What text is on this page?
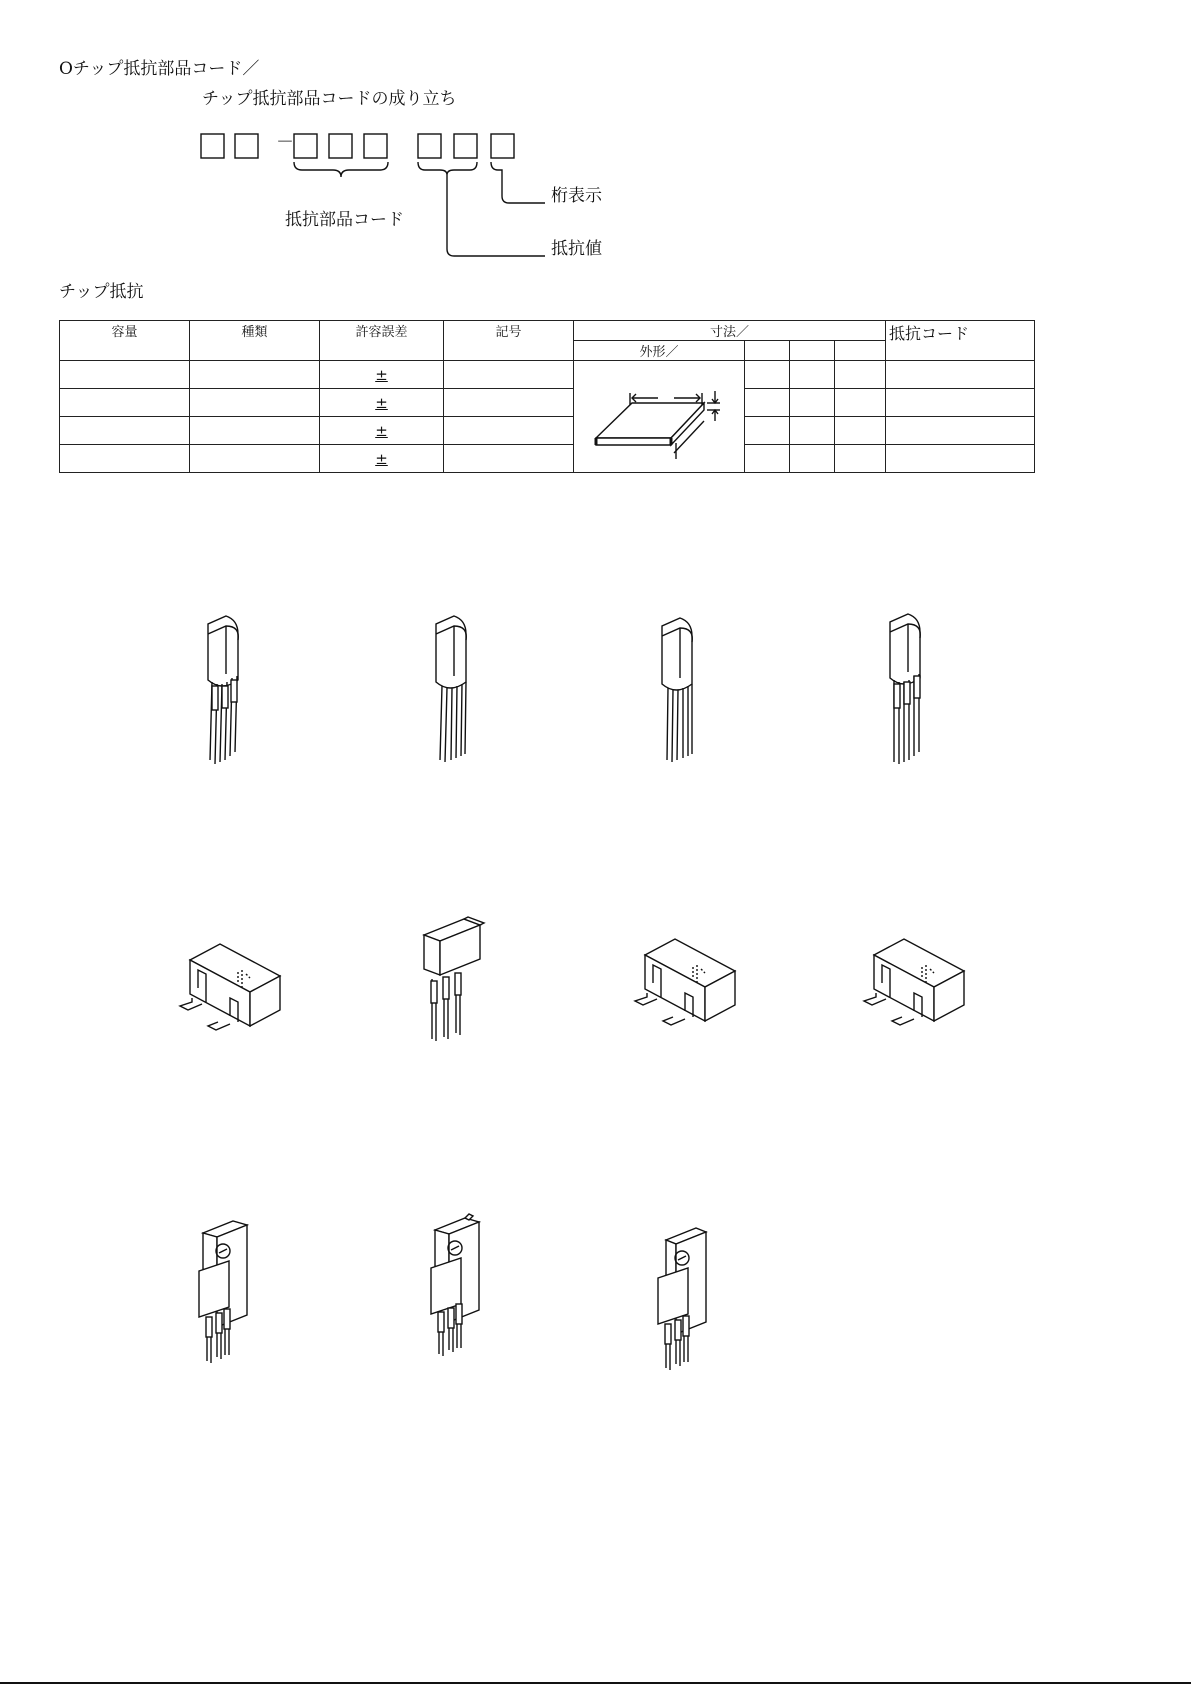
Oチップ抵抗部品コード／
チップ抵抗部品コードの成り立ち
－
桁表示
抵抗値
抵抗部品コード
チップ抵抗
容量	種類	許容誤差	記号	寸法／				抵抗コード
				外形／				
		±		

		±						
		±						
		±						
